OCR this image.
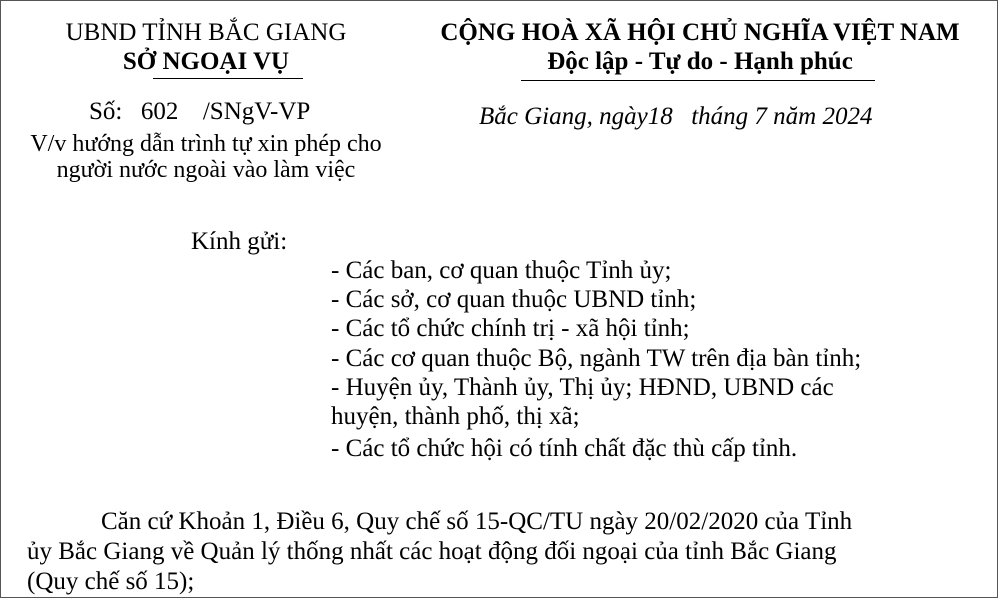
UBND TỈNH BẮC GIANG
SỞ NGOẠI VỤ
Số: 602 /SNgV-VP
V/v hướng dẫn trình tự xin phép cho
người nước ngoài vào làm việc
CỘNG HOÀ XÃ HỘI CHỦ NGHĨA VIỆT NAM
Độc lập - Tự do - Hạnh phúc
Bắc Giang, ngày18 tháng 7 năm 2024
Kính gửi:
- Các ban, cơ quan thuộc Tỉnh ủy;
- Các sở, cơ quan thuộc UBND tỉnh;
- Các tổ chức chính trị - xã hội tỉnh;
- Các cơ quan thuộc Bộ, ngành TW trên địa bàn tỉnh;
- Huyện ủy, Thành ủy, Thị ủy; HĐND, UBND các
huyện, thành phố, thị xã;
- Các tổ chức hội có tính chất đặc thù cấp tỉnh.
Căn cứ Khoản 1, Điều 6, Quy chế số 15-QC/TU ngày 20/02/2020 của Tỉnh
ủy Bắc Giang về Quản lý thống nhất các hoạt động đối ngoại của tỉnh Bắc Giang
(Quy chế số 15);
